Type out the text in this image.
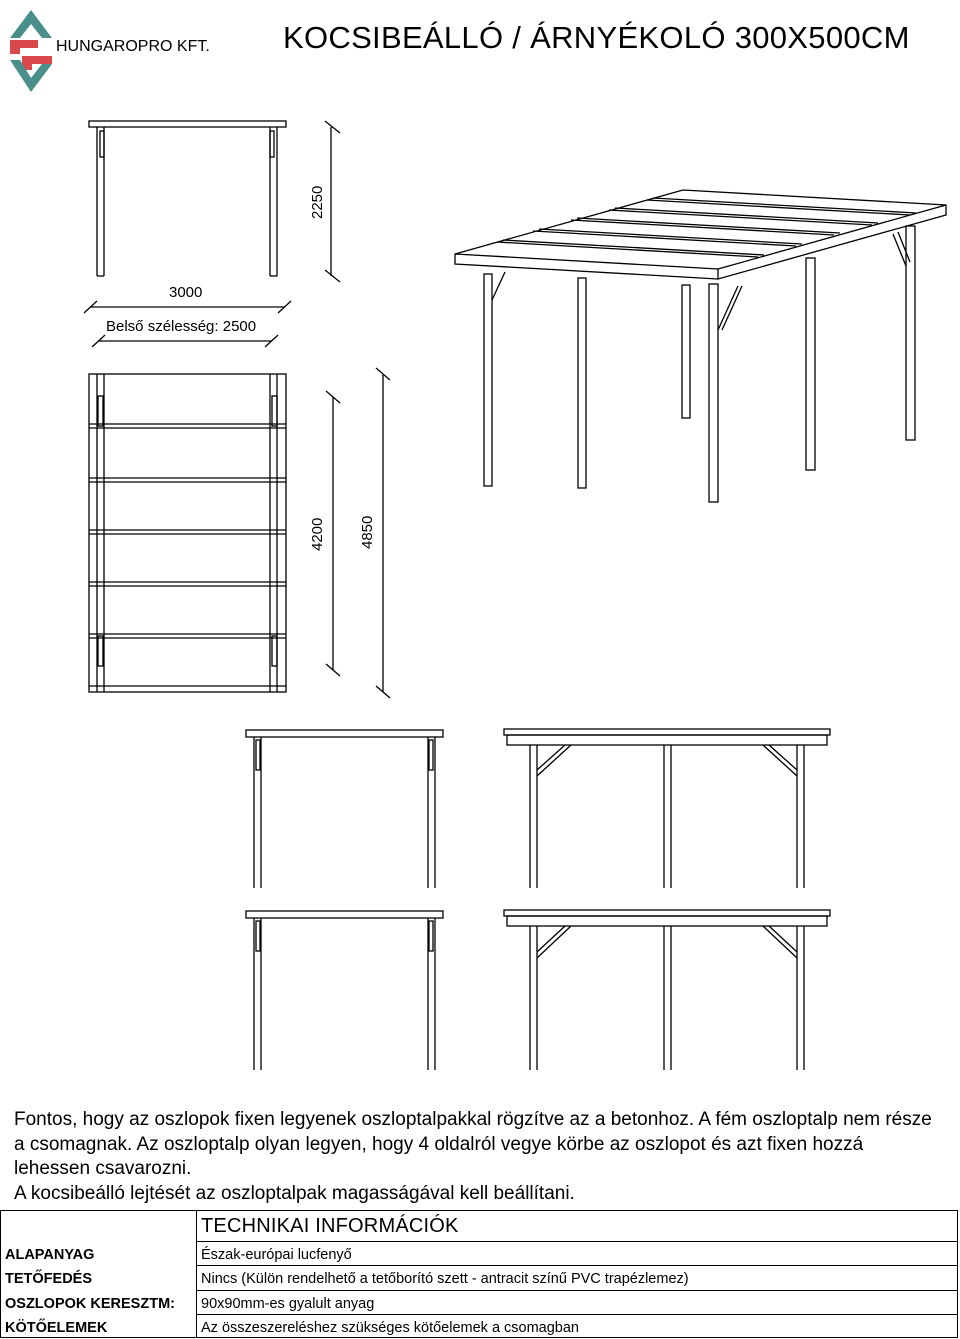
HUNGAROPRO KFT. KOCSIBEÁLLÓ / ÁRNYÉKOLÓ 300X500CM
3000
Belső szélesség: 2500
2250
4200 4850

Fontos, hogy az oszlopok fixen legyenek oszloptalpakkal rögzítve az a betonhoz. A fém oszloptalp nem része a csomagnak. Az oszloptalp olyan legyen, hogy 4 oldalról vegye körbe az oszlopot és azt fixen hozzá lehessen csavarozni.

A kocsibeálló lejtését az oszloptalpak magasságával kell beállítani.

TECHNIKAI INFORMÁCIÓK
ALAPANYAG	Észak-európai lucfenyő
TETŐFEDÉS	Nincs (Külön rendelhető a tetőborító szett - antracit színű PVC trapézlemez)
OSZLOPOK KERESZTM: 90x90mm-es gyalult anyag
KÖTŐELEMEK	Az összeszereléshez szükséges kötőelemek a csomagban
